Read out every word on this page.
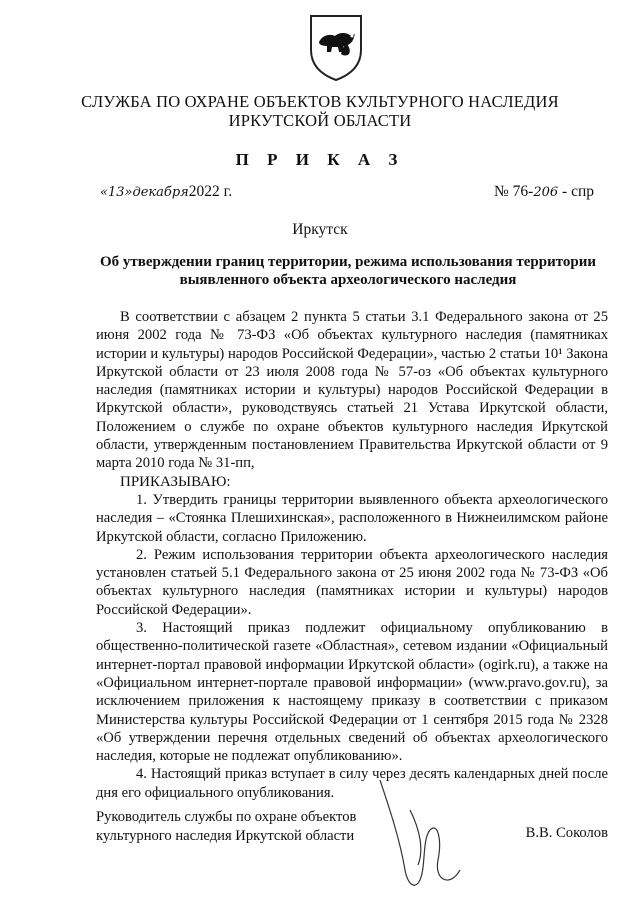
СЛУЖБА ПО ОХРАНЕ ОБЪЕКТОВ КУЛЬТУРНОГО НАСЛЕДИЯ
ИРКУТСКОЙ ОБЛАСТИ
П Р И К А З
«13»декабря2022 г.	№ 76-206 - спр
Иркутск
Об утверждении границ территории, режима использования территории
выявленного объекта археологического наследия

В соответствии с абзацем 2 пункта 5 статьи 3.1 Федерального закона от 25 июня 2002 года № 73-ФЗ «Об объектах культурного наследия (памятниках истории и культуры) народов Российской Федерации», частью 2 статьи 10¹ Закона Иркутской области от 23 июля 2008 года № 57-оз «Об объектах культурного наследия (памятниках истории и культуры) народов Российской Федерации в Иркутской области», руководствуясь статьей 21 Устава Иркутской области, Положением о службе по охране объектов культурного наследия Иркутской области, утвержденным постановлением Правительства Иркутской области от 9 марта 2010 года № 31-пп,

ПРИКАЗЫВАЮ:

1. Утвердить границы территории выявленного объекта археологического наследия – «Стоянка Плешихинская», расположенного в Нижнеилимском районе Иркутской области, согласно Приложению.

2. Режим использования территории объекта археологического наследия установлен статьей 5.1 Федерального закона от 25 июня 2002 года № 73-ФЗ «Об объектах культурного наследия (памятниках истории и культуры) народов Российской Федерации».

3. Настоящий приказ подлежит официальному опубликованию в общественно-политической газете «Областная», сетевом издании «Официальный интернет-портал правовой информации Иркутской области» (ogirk.ru), а также на «Официальном интернет-портале правовой информации» (www.pravo.gov.ru), за исключением приложения к настоящему приказу в соответствии с приказом Министерства культуры Российской Федерации от 1 сентября 2015 года № 2328 «Об утверждении перечня отдельных сведений об объектах археологического наследия, которые не подлежат опубликованию».

4. Настоящий приказ вступает в силу через десять календарных дней после дня его официального опубликования.

Руководитель службы по охране объектов
культурного наследия Иркутской области	В.В. Соколов
